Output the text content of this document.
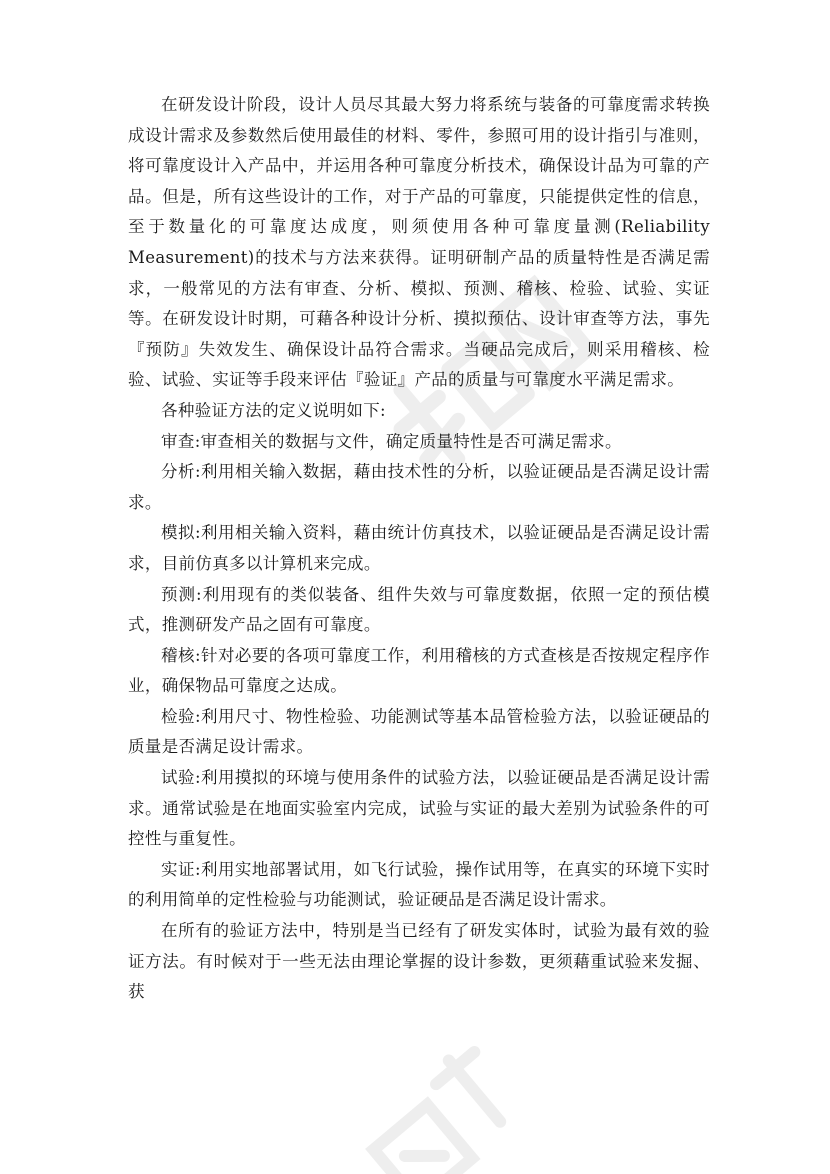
在研发设计阶段，设计人员尽其最大努力将系统与装备的可靠度需求转换成设计需求及参数然后使用最佳的材料、零件，参照可用的设计指引与准则，将可靠度设计入产品中，并运用各种可靠度分析技术，确保设计品为可靠的产品。但是，所有这些设计的工作，对于产品的可靠度，只能提供定性的信息，至于数量化的可靠度达成度，则须使用各种可靠度量测(Reliability Measurement)的技术与方法来获得。证明研制产品的质量特性是否满足需求，一般常见的方法有审查、分析、模拟、预测、稽核、检验、试验、实证等。在研发设计时期，可藉各种设计分析、摸拟预估、设计审查等方法，事先『预防』失效发生、确保设计品符合需求。当硬品完成后，则采用稽核、检验、试验、实证等手段来评估『验证』产品的质量与可靠度水平满足需求。

各种验证方法的定义说明如下:

审查:审查相关的数据与文件，确定质量特性是否可满足需求。

分析:利用相关输入数据，藉由技术性的分析，以验证硬品是否满足设计需求。

模拟:利用相关输入资料，藉由统计仿真技术，以验证硬品是否满足设计需求，目前仿真多以计算机来完成。

预测:利用现有的类似装备、组件失效与可靠度数据，依照一定的预估模式，推测研发产品之固有可靠度。

稽核:针对必要的各项可靠度工作，利用稽核的方式查核是否按规定程序作业，确保物品可靠度之达成。

检验:利用尺寸、物性检验、功能测试等基本品管检验方法，以验证硬品的质量是否满足设计需求。

试验:利用摸拟的环境与使用条件的试验方法，以验证硬品是否满足设计需求。通常试验是在地面实验室内完成，试验与实证的最大差别为试验条件的可控性与重复性。

实证:利用实地部署试用，如飞行试验，操作试用等，在真实的环境下实时的利用简单的定性检验与功能测试，验证硬品是否满足设计需求。

在所有的验证方法中，特别是当已经有了研发实体时，试验为最有效的验证方法。有时候对于一些无法由理论掌握的设计参数，更须藉重试验来发掘、获
